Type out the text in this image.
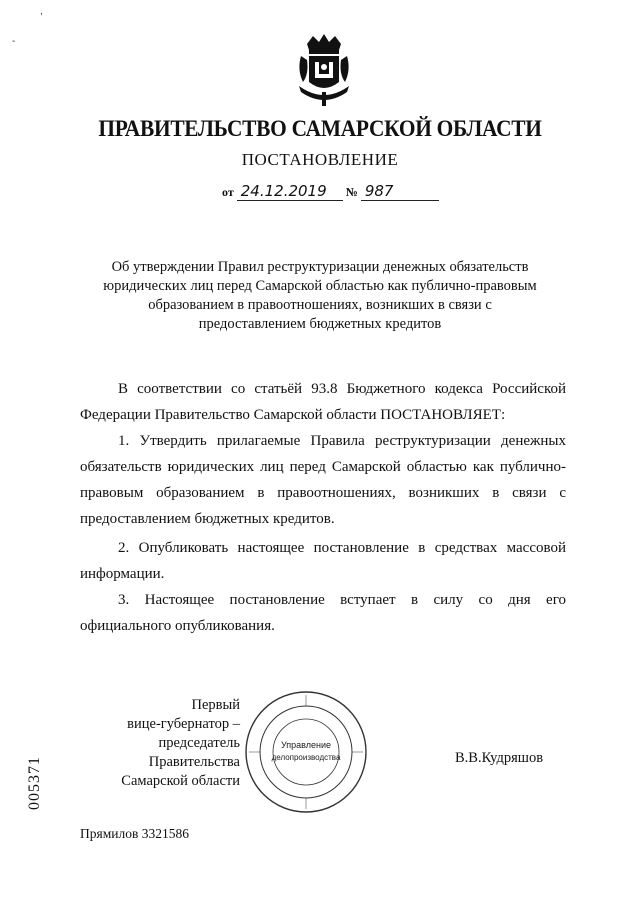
,
-
ПРАВИТЕЛЬСТВО САМАРСКОЙ ОБЛАСТИ
ПОСТАНОВЛЕНИЕ
от 24.12.2019 № 987
Об утверждении Правил реструктуризации денежных обязательств юридических лиц перед Самарской областью как публично-правовым образованием в правоотношениях, возникших в связи с предоставлением бюджетных кредитов
В соответствии со статьёй 93.8 Бюджетного кодекса Российской Федерации Правительство Самарской области ПОСТАНОВЛЯЕТ:
1. Утвердить прилагаемые Правила реструктуризации денежных обязательств юридических лиц перед Самарской областью как публично-правовым образованием в правоотношениях, возникших в связи с предоставлением бюджетных кредитов.
2. Опубликовать настоящее постановление в средствах массовой информации.
3. Настоящее постановление вступает в силу со дня его официального опубликования.
Первый
вице-губернатор –
председатель Правительства
Самарской области
Управление
делопроизводства	В.В.Кудряшов
Прямилов 3321586
005371
